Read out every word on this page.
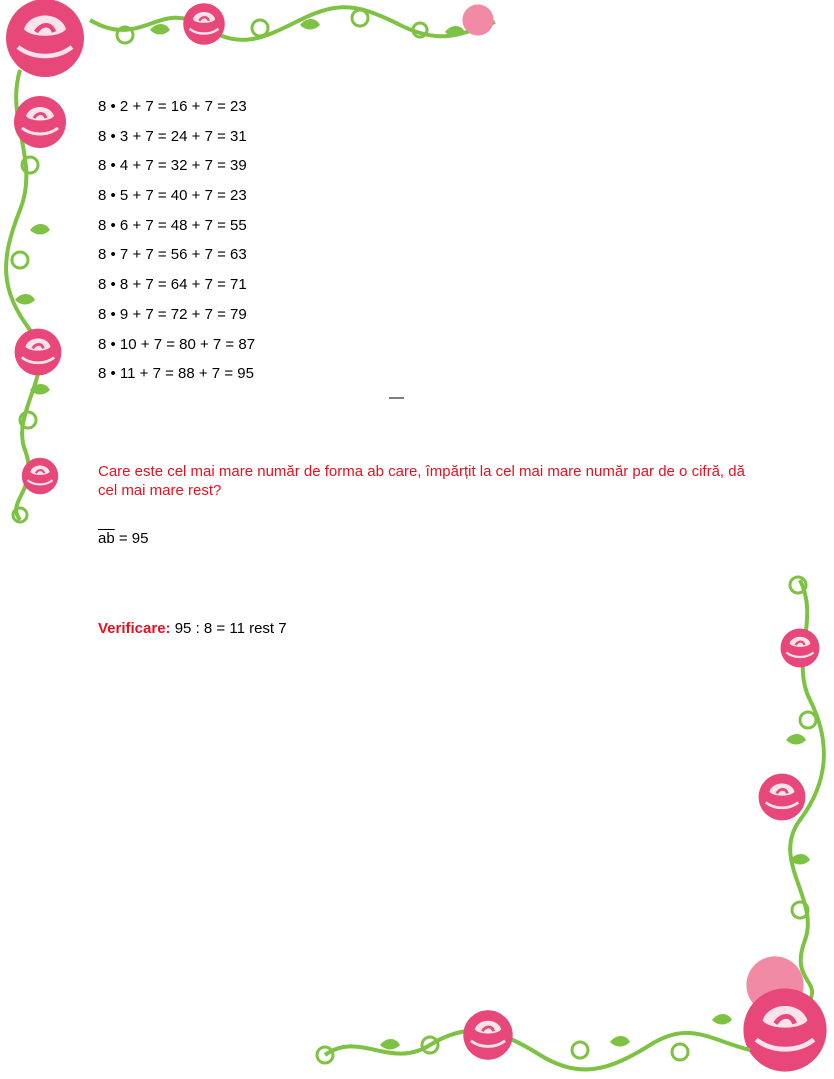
8 • 2 + 7 = 16 + 7 = 23
8 • 3 + 7 = 24 + 7 = 31
8 • 4 + 7 = 32 + 7 = 39
8 • 5 + 7 = 40 + 7 = 23
8 • 6 + 7 = 48 + 7 = 55
8 • 7 + 7 = 56 + 7 = 63
8 • 8 + 7 = 64 + 7 = 71
8 • 9 + 7 = 72 + 7 = 79
8 • 10 + 7 = 80 + 7 = 87
8 • 11 + 7 = 88 + 7 = 95
—
Care este cel mai mare număr de forma ab care, împărțit la cel mai mare număr par de o cifră, dă cel mai mare rest?
$\overline{ab} = 95$
Verificare: 95 : 8 = 11 rest 7
